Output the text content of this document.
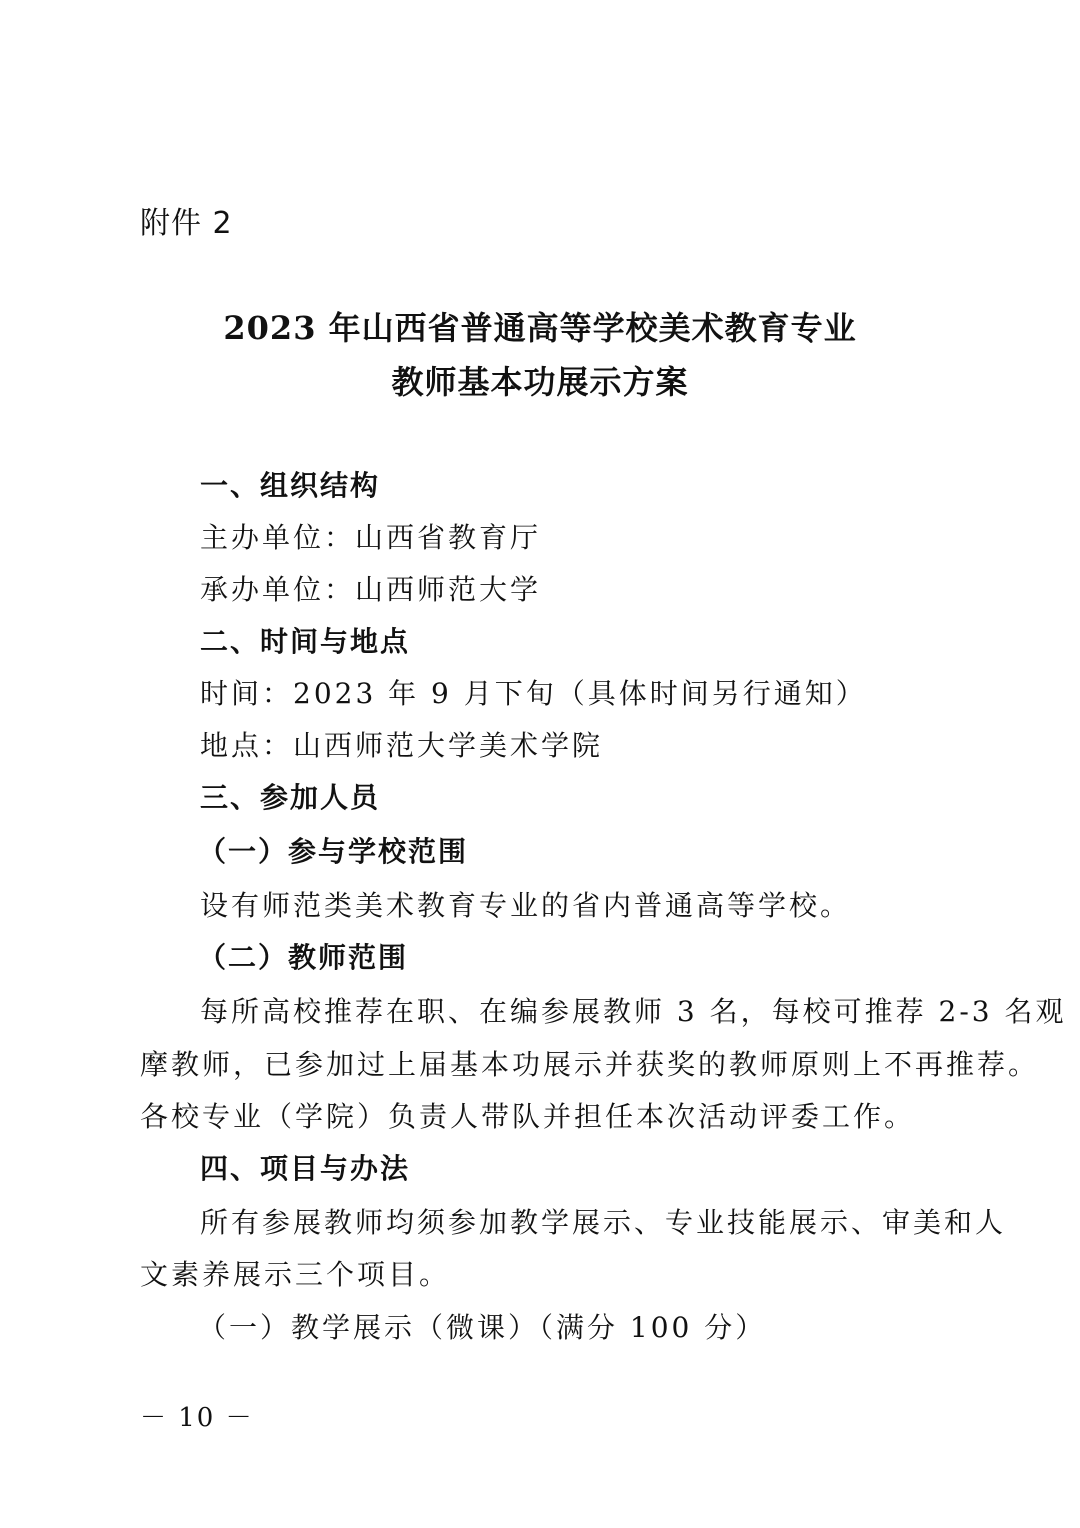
附件 2
2023 年山西省普通高等学校美术教育专业
教师基本功展示方案
一、组织结构
主办单位：山西省教育厅
承办单位：山西师范大学
二、时间与地点
时间：2023 年 9 月下旬（具体时间另行通知）
地点：山西师范大学美术学院
三、参加人员
（一）参与学校范围
设有师范类美术教育专业的省内普通高等学校。
（二）教师范围
每所高校推荐在职、在编参展教师 3 名，每校可推荐 2-3 名观
摩教师，已参加过上届基本功展示并获奖的教师原则上不再推荐。
各校专业（学院）负责人带队并担任本次活动评委工作。
四、项目与办法
所有参展教师均须参加教学展示、专业技能展示、审美和人
文素养展示三个项目。
（一）教学展示（微课）（满分 100 分）
－ 10 －
